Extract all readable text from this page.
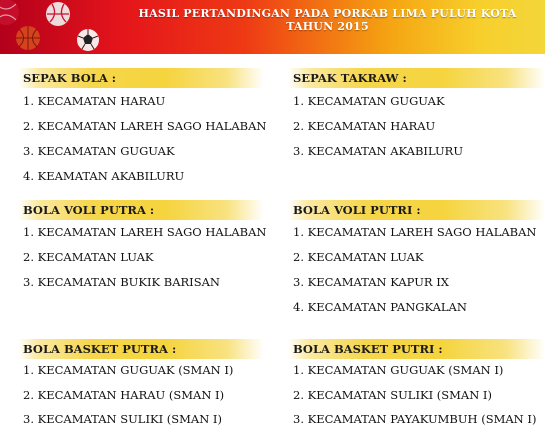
HASIL PERTANDINGAN PADA PORKAB LIMA PULUH KOTA
TAHUN 2015
SEPAK BOLA :
1. KECAMATAN HARAU
2. KECAMATAN LAREH SAGO HALABAN
3. KECAMATAN GUGUAK
4. KEAMATAN AKABILURU
SEPAK TAKRAW :
1. KECAMATAN GUGUAK
2. KECAMATAN HARAU
3. KECAMATAN AKABILURU
BOLA VOLI PUTRA :
1. KECAMATAN LAREH SAGO HALABAN
2. KECAMATAN LUAK
3. KECAMATAN BUKIK BARISAN
BOLA VOLI PUTRI :
1. KECAMATAN LAREH SAGO HALABAN
2. KECAMATAN LUAK
3. KECAMATAN KAPUR IX
4. KECAMATAN PANGKALAN
BOLA BASKET PUTRA :
1. KECAMATAN GUGUAK (SMAN I)
2. KECAMATAN HARAU (SMAN I)
3. KECAMATAN SULIKI (SMAN I)
BOLA BASKET PUTRI :
1. KECAMATAN GUGUAK (SMAN I)
2. KECAMATAN SULIKI (SMAN I)
3. KECAMATAN PAYAKUMBUH (SMAN I)
